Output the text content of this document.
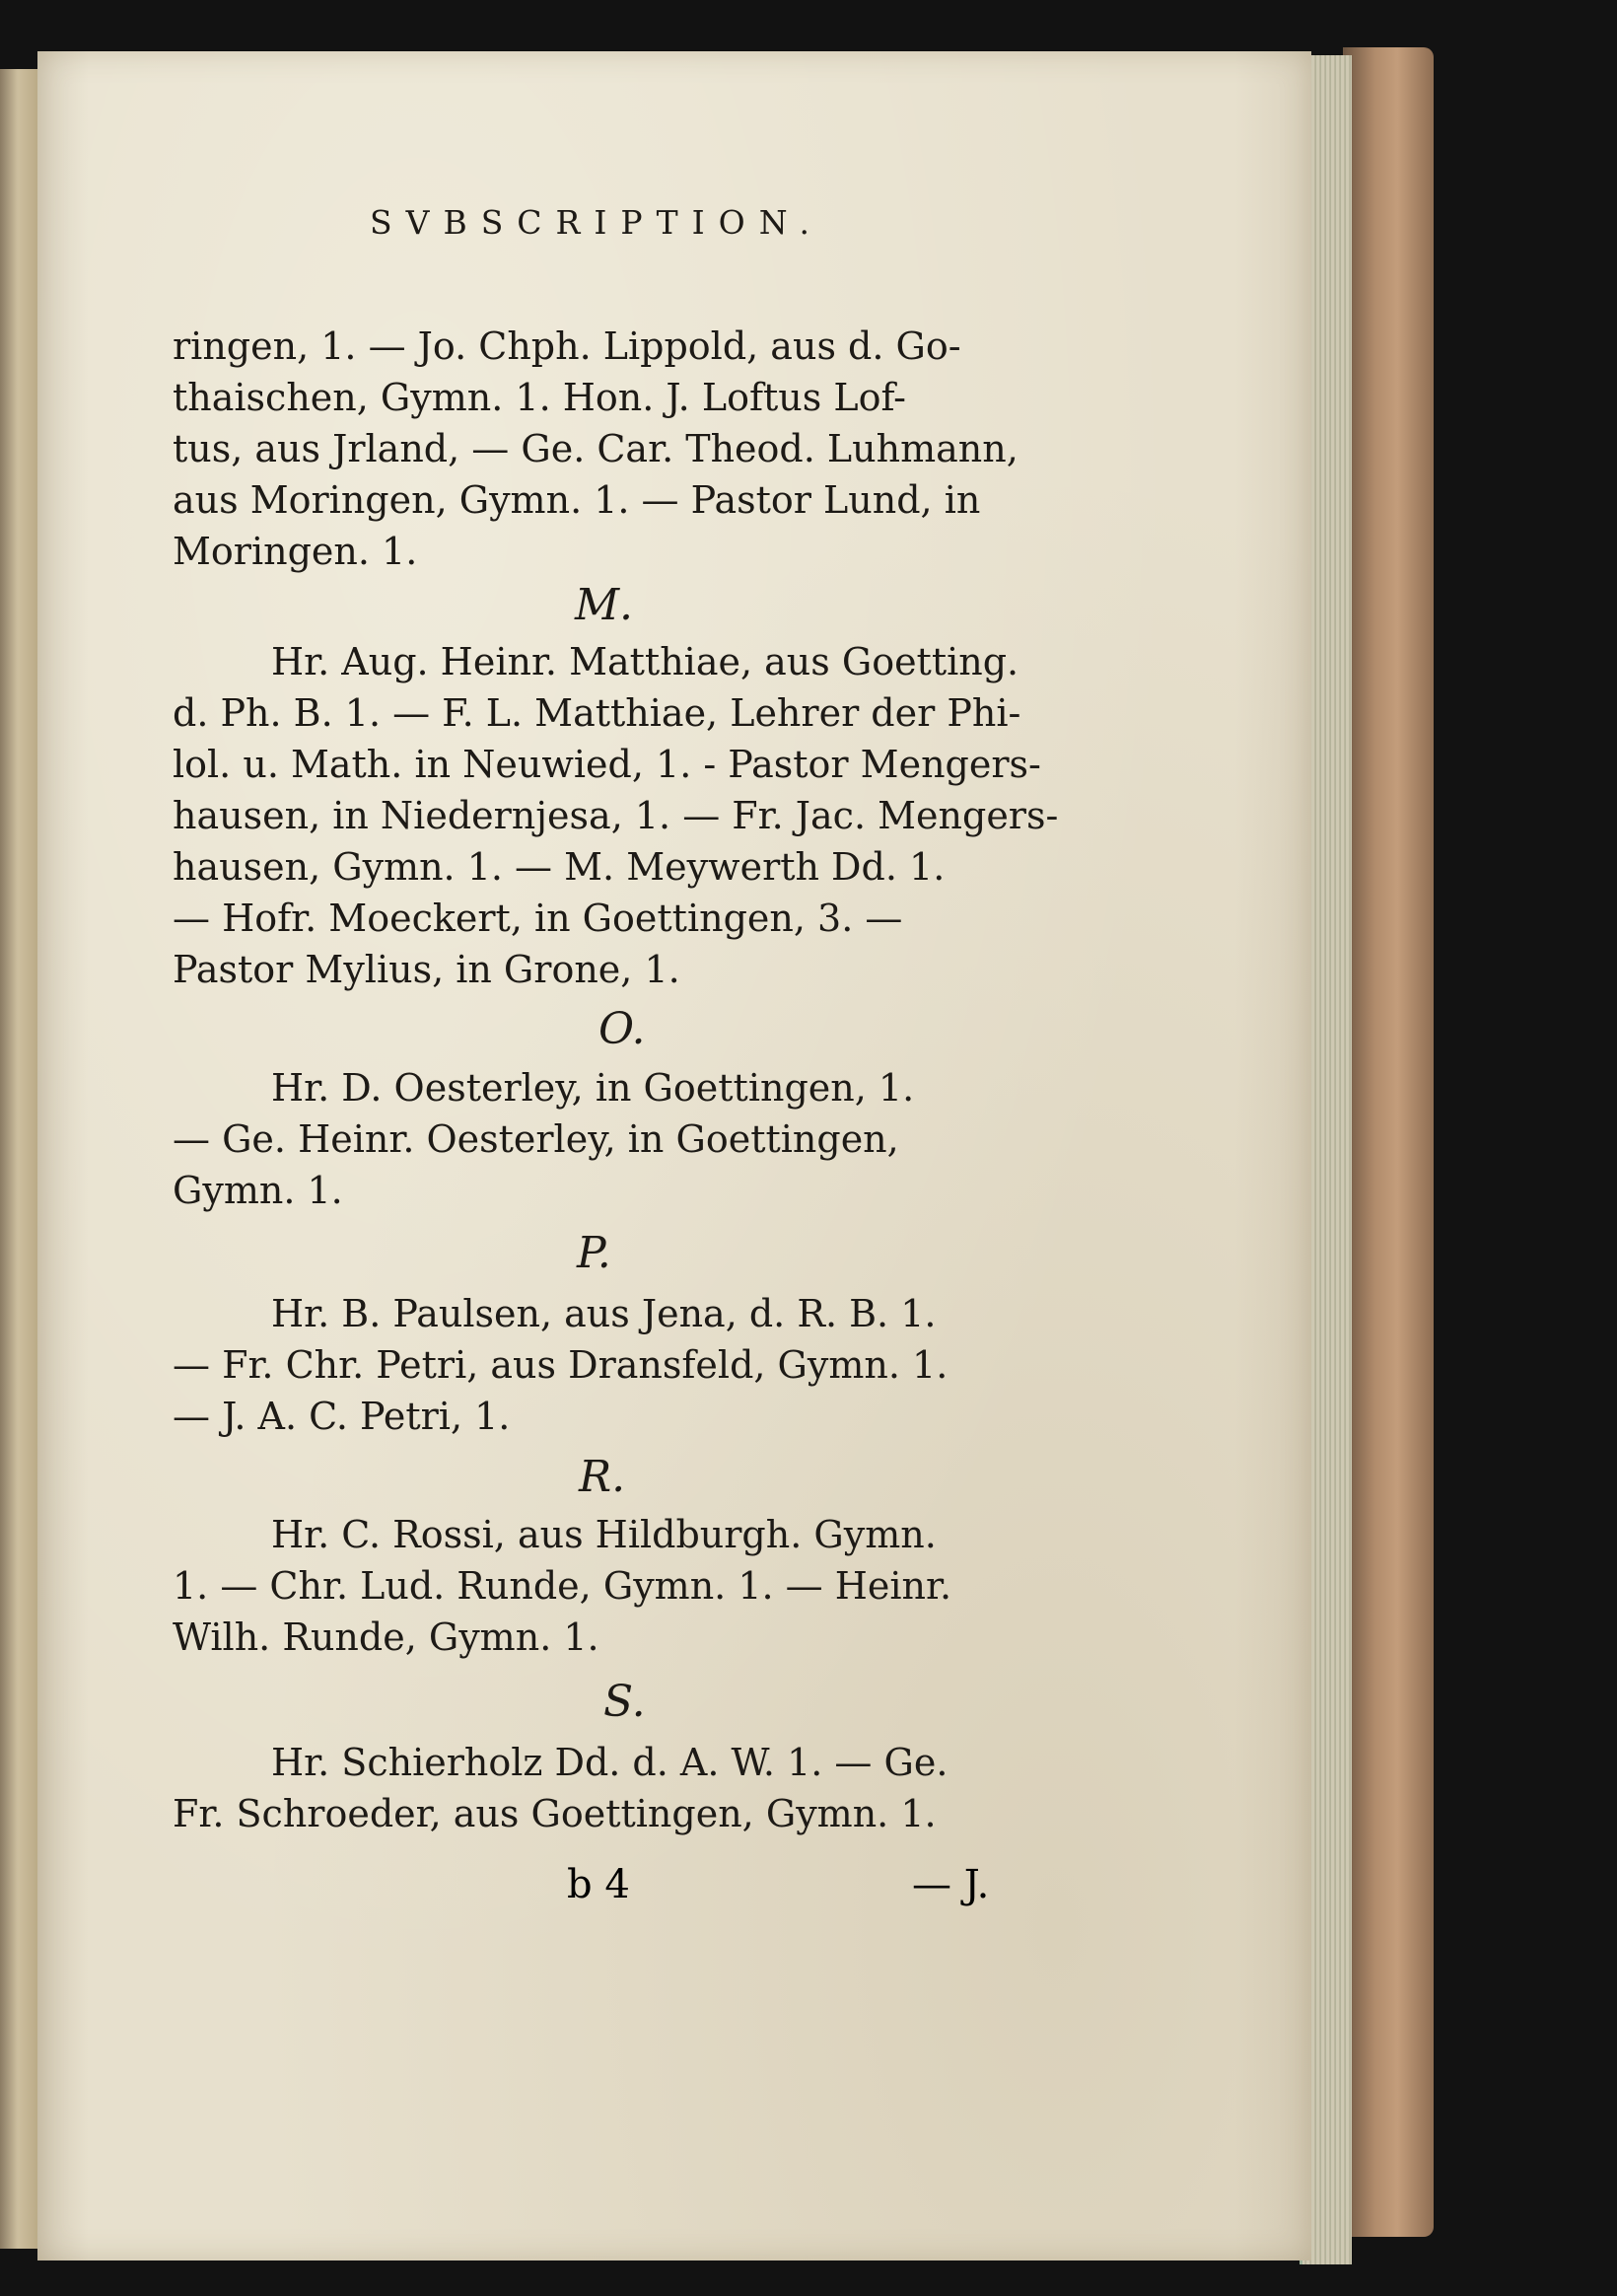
SVBSCRIPTION.
ringen, 1. — Jo. Chph. Lippold, aus d. Go-
thaischen, Gymn. 1. Hon. J. Loftus Lof-
tus, aus Jrland, — Ge. Car. Theod. Luhmann,
aus Moringen, Gymn. 1. — Pastor Lund, in
Moringen. 1.
M.
Hr. Aug. Heinr. Matthiae, aus Goetting.
d. Ph. B. 1. — F. L. Matthiae, Lehrer der Phi-
lol. u. Math. in Neuwied, 1. - Pastor Mengers-
hausen, in Niedernjesa, 1. — Fr. Jac. Mengers-
hausen, Gymn. 1. — M. Meywerth Dd. 1.
— Hofr. Moeckert, in Goettingen, 3. —
Pastor Mylius, in Grone, 1.
O.
Hr. D. Oesterley, in Goettingen, 1.
— Ge. Heinr. Oesterley, in Goettingen,
Gymn. 1.
P.
Hr. B. Paulsen, aus Jena, d. R. B. 1.
— Fr. Chr. Petri, aus Dransfeld, Gymn. 1.
— J. A. C. Petri, 1.
R.
Hr. C. Rossi, aus Hildburgh. Gymn.
1. — Chr. Lud. Runde, Gymn. 1. — Heinr.
Wilh. Runde, Gymn. 1.
S.
Hr. Schierholz Dd. d. A. W. 1. — Ge.
Fr. Schroeder, aus Goettingen, Gymn. 1.
b 4	— J.
